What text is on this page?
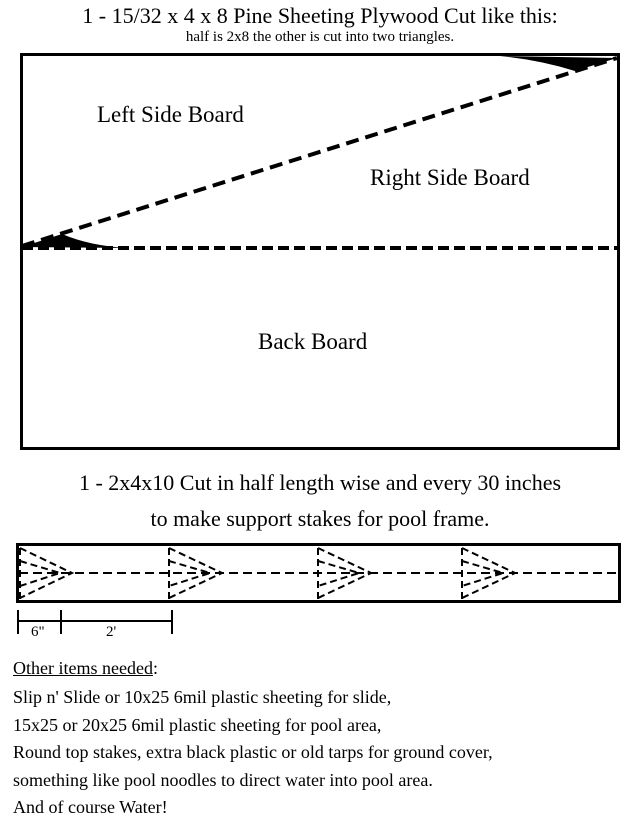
1 - 15/32 x 4 x 8 Pine Sheeting Plywood Cut like this:
half is 2x8 the other is cut into two triangles.
Left Side Board
Right Side Board
Back Board
1 - 2x4x10 Cut in half length wise and every 30 inches
to make support stakes for pool frame.
6"	2'
Other items needed:
Slip n' Slide or 10x25 6mil plastic sheeting for slide,
15x25 or 20x25 6mil plastic sheeting for pool area,
Round top stakes, extra black plastic or old tarps for ground cover,
something like pool noodles to direct water into pool area.
And of course Water!
